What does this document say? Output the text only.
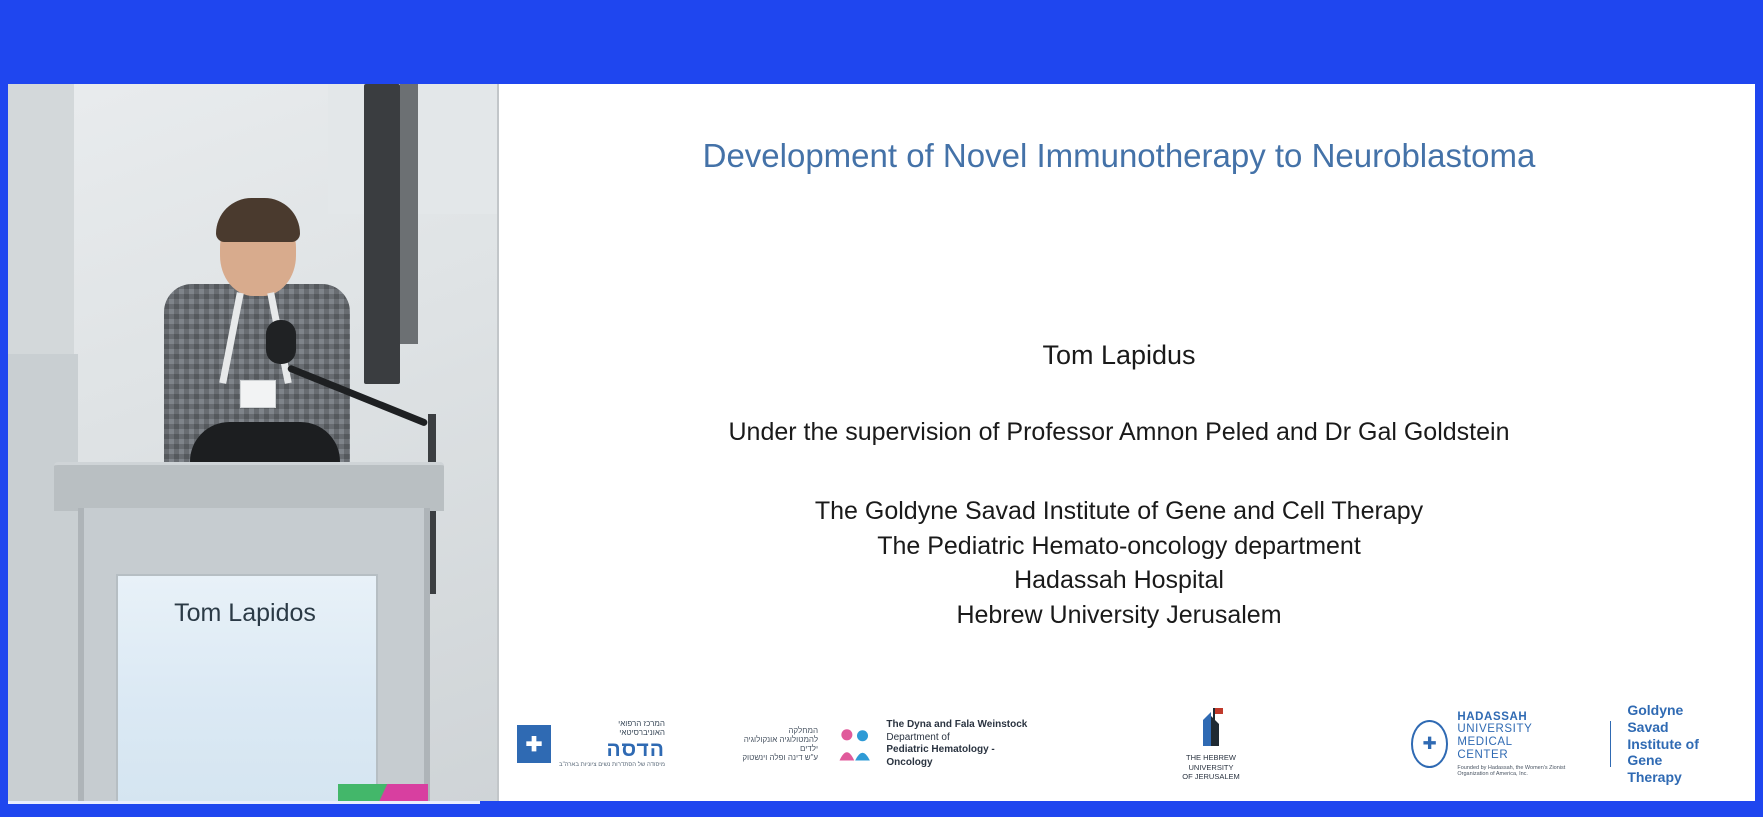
Tom Lapidos
Development of Novel Immunotherapy to Neuroblastoma
Tom Lapidus
Under the supervision of Professor Amnon Peled and Dr Gal Goldstein
The Goldyne Savad Institute of Gene and Cell Therapy
The Pediatric Hemato-oncology department
Hadassah Hospital
Hebrew University Jerusalem
✚
המרכז הרפואי
האוניברסיטאי
הדסה
מיסודה של הסתדרות נשים ציוניות בארה"ב
המחלקה
להמטולוגיה אונקולוגיה ילדים
ע"ש דינה ופלה וינשטוק
The Dyna and Fala Weinstock
Department of
Pediatric Hematology - Oncology	THE HEBREW
UNIVERSITY
OF JERUSALEM
✚
HADASSAH
UNIVERSITY
MEDICAL
CENTER
Founded by Hadassah, the Women's Zionist Organization of America, Inc.
Goldyne Savad
Institute of Gene
Therapy
